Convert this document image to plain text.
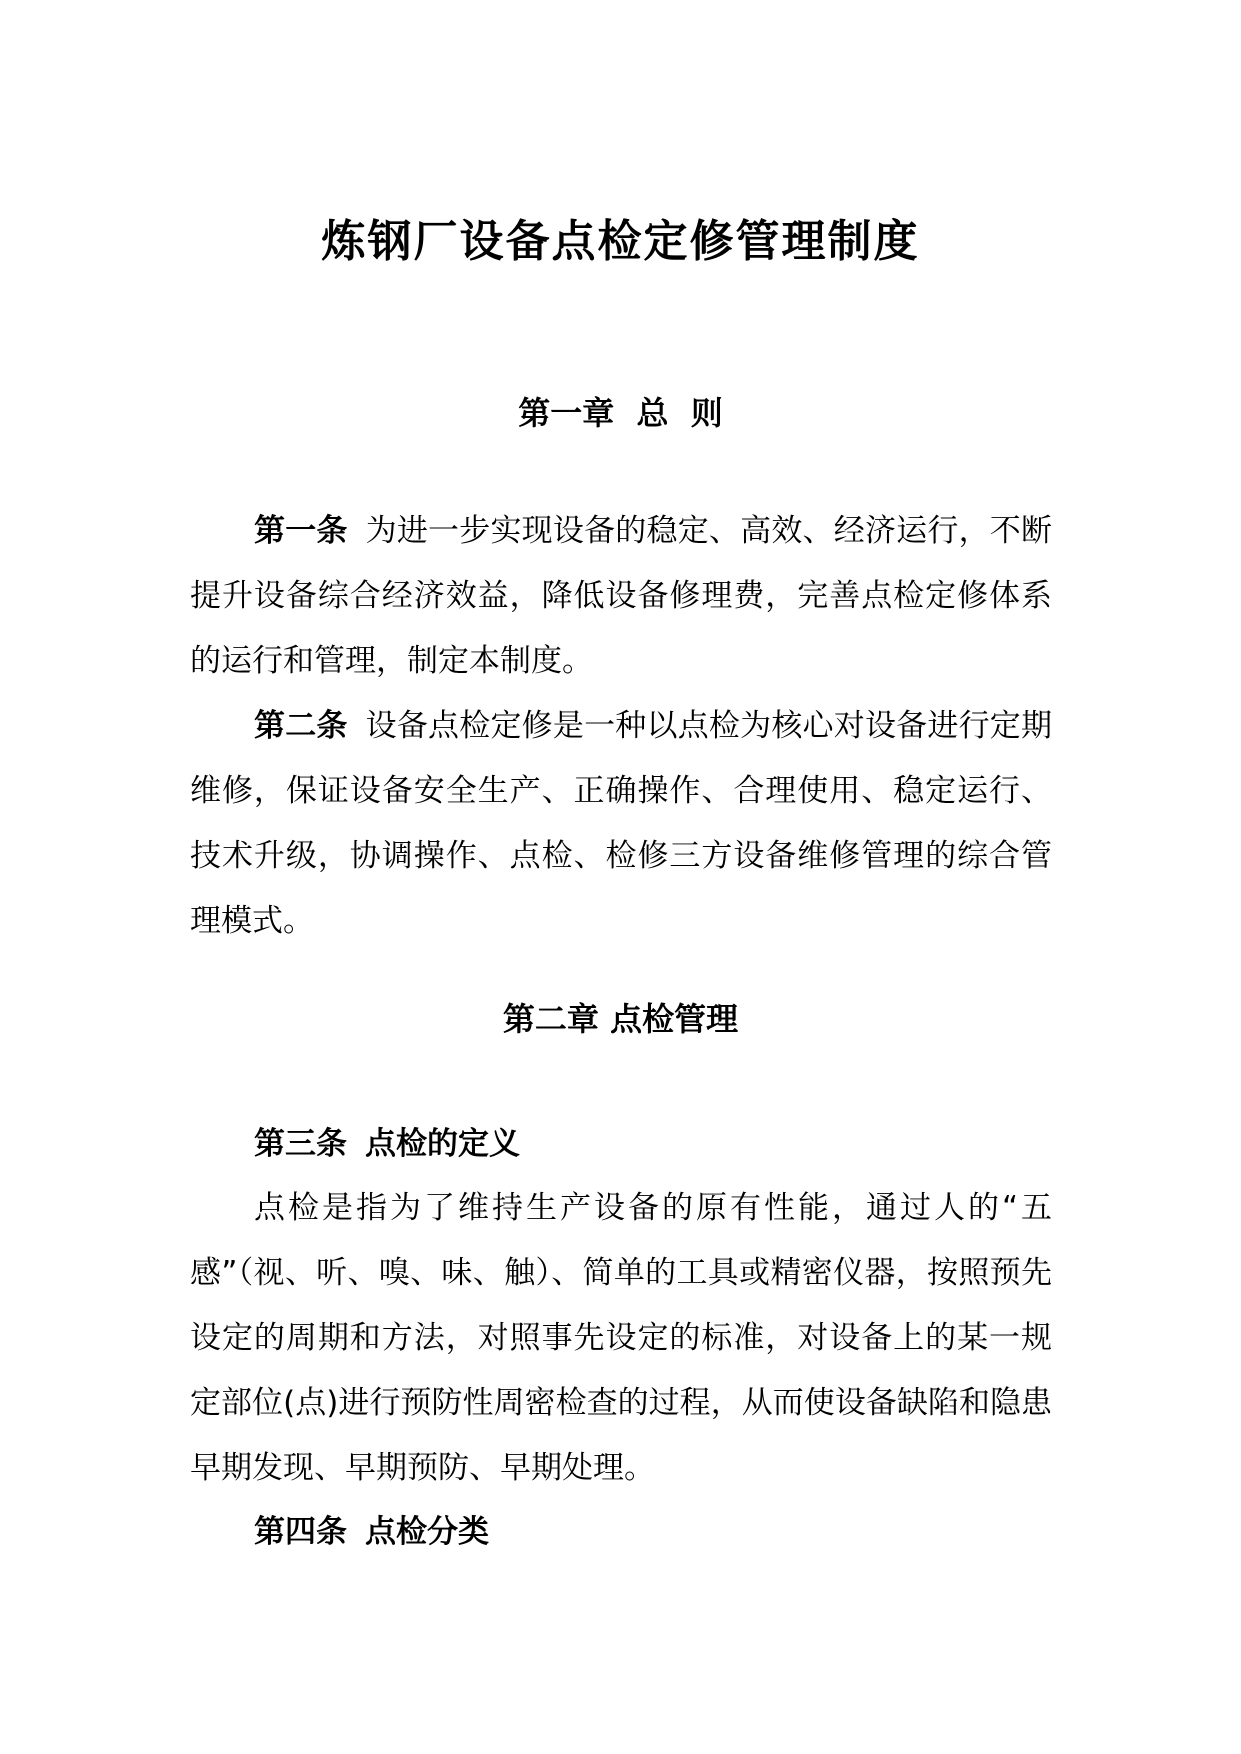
炼钢厂设备点检定修管理制度
第一章  总  则

第一条 为进一步实现设备的稳定、高效、经济运行，不断提升设备综合经济效益，降低设备修理费，完善点检定修体系的运行和管理，制定本制度。

第二条 设备点检定修是一种以点检为核心对设备进行定期维修，保证设备安全生产、正确操作、合理使用、稳定运行、技术升级，协调操作、点检、检修三方设备维修管理的综合管理模式。

第二章 点检管理

第三条 点检的定义

点检是指为了维持生产设备的原有性能，通过人的“五感”（视、听、嗅、味、触）、简单的工具或精密仪器，按照预先设定的周期和方法，对照事先设定的标准，对设备上的某一规定部位(点)进行预防性周密检查的过程，从而使设备缺陷和隐患早期发现、早期预防、早期处理。

第四条 点检分类
